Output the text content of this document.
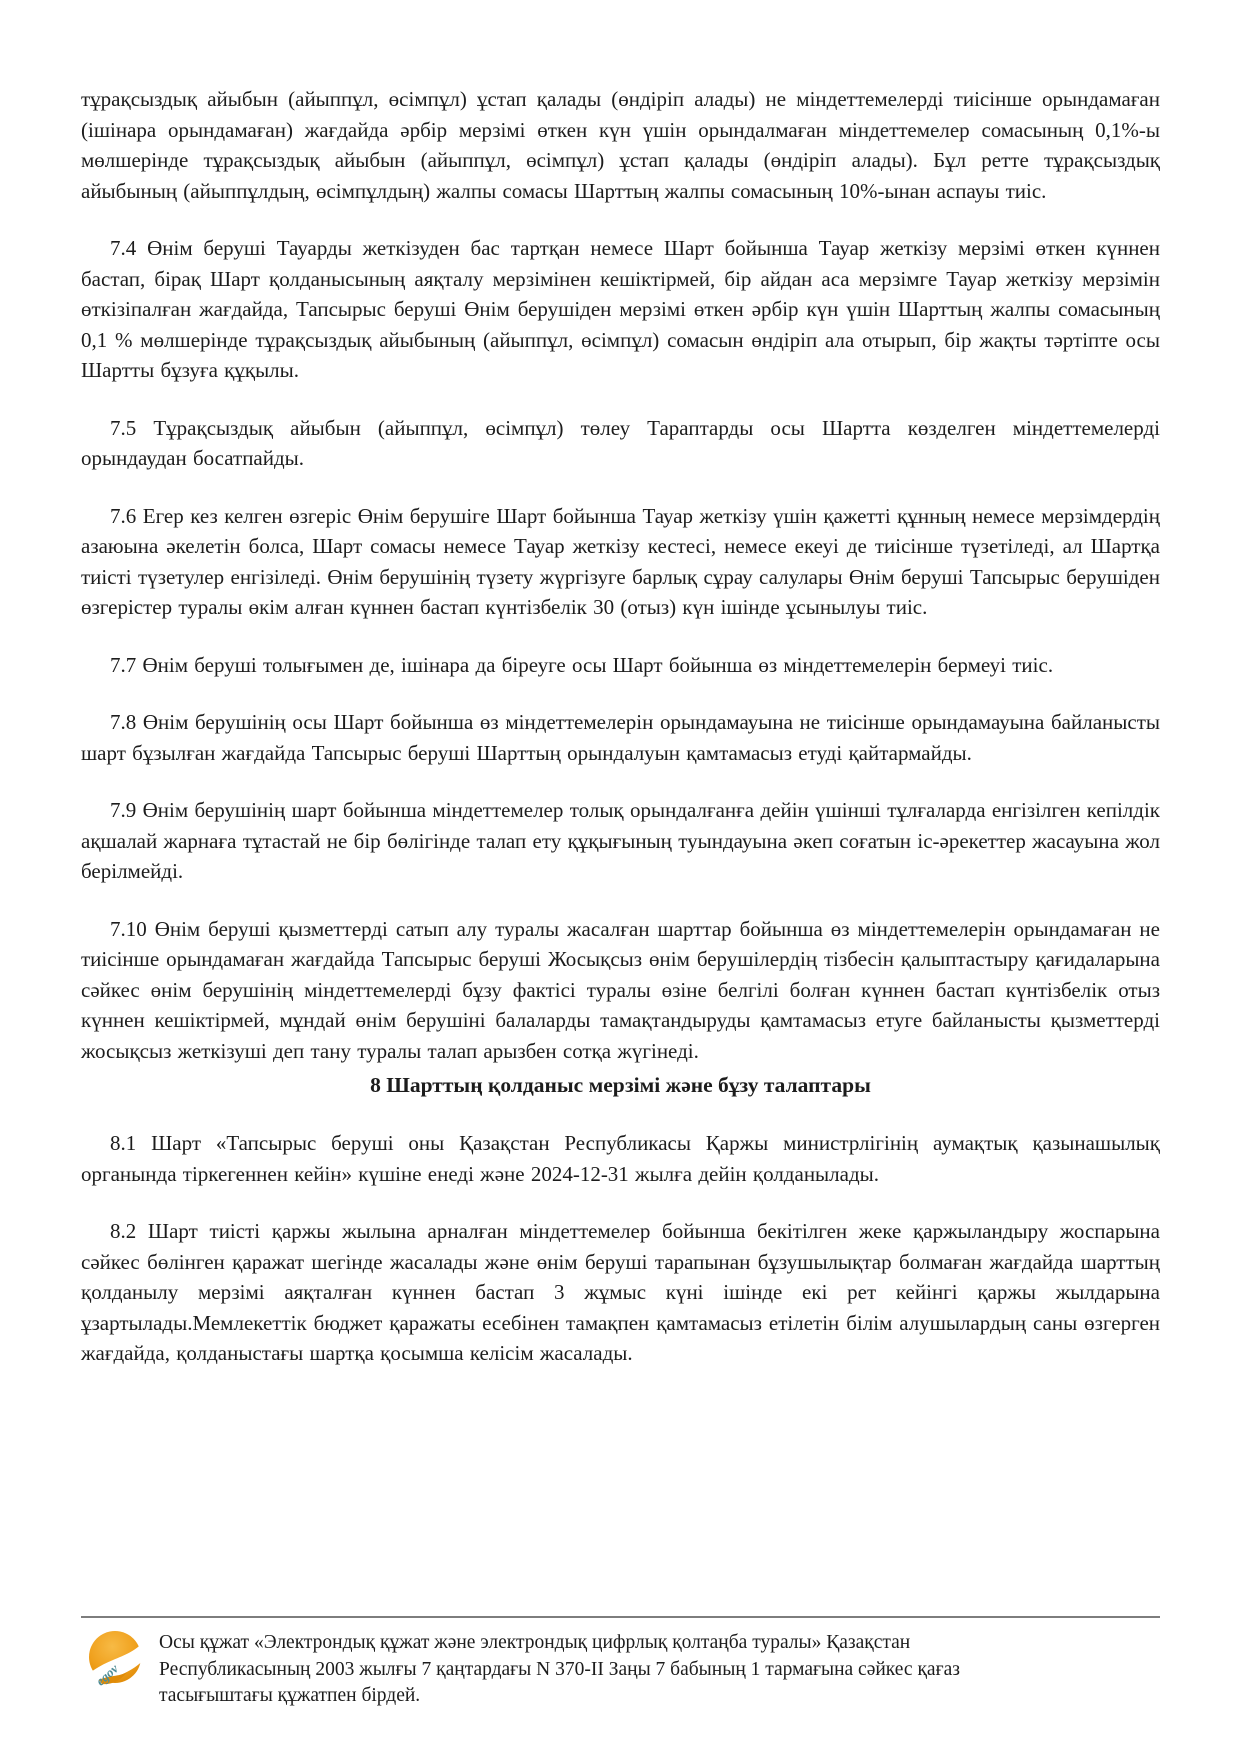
тұрақсыздық айыбын (айыппұл, өсімпұл) ұстап қалады (өндіріп алады) не міндеттемелерді тиісінше орындамаған (ішінара орындамаған) жағдайда әрбір мерзімі өткен күн үшін орындалмаған міндеттемелер сомасының 0,1%-ы мөлшерінде тұрақсыздық айыбын (айыппұл, өсімпұл) ұстап қалады (өндіріп алады). Бұл ретте тұрақсыздық айыбының (айыппұлдың, өсімпұлдың) жалпы сомасы Шарттың жалпы сомасының 10%-ынан аспауы тиіс.

7.4 Өнім беруші Тауарды жеткізуден бас тартқан немесе Шарт бойынша Тауар жеткізу мерзімі өткен күннен бастап, бірақ Шарт қолданысының аяқталу мерзімінен кешіктірмей, бір айдан аса мерзімге Тауар жеткізу мерзімін өткізіпалған жағдайда, Тапсырыс беруші Өнім берушіден мерзімі өткен әрбір күн үшін Шарттың жалпы сомасының 0,1 % мөлшерінде тұрақсыздық айыбының (айыппұл, өсімпұл) сомасын өндіріп ала отырып, бір жақты тәртіпте осы Шартты бұзуға құқылы.

7.5 Тұрақсыздық айыбын (айыппұл, өсімпұл) төлеу Тараптарды осы Шартта көзделген міндеттемелерді орындаудан босатпайды.

7.6 Егер кез келген өзгеріс Өнім берушіге Шарт бойынша Тауар жеткізу үшін қажетті құнның немесе мерзімдердің азаюына әкелетін болса, Шарт сомасы немесе Тауар жеткізу кестесі, немесе екеуі де тиісінше түзетіледі, ал Шартқа тиісті түзетулер енгізіледі. Өнім берушінің түзету жүргізуге барлық сұрау салулары Өнім беруші Тапсырыс берушіден өзгерістер туралы өкім алған күннен бастап күнтізбелік 30 (отыз) күн ішінде ұсынылуы тиіс.

7.7 Өнім беруші толығымен де, ішінара да біреуге осы Шарт бойынша өз міндеттемелерін бермеуі тиіс.

7.8 Өнім берушінің осы Шарт бойынша өз міндеттемелерін орындамауына не тиісінше орындамауына байланысты шарт бұзылған жағдайда Тапсырыс беруші Шарттың орындалуын қамтамасыз етуді қайтармайды.

7.9 Өнім берушінің шарт бойынша міндеттемелер толық орындалғанға дейін үшінші тұлғаларда енгізілген кепілдік ақшалай жарнаға тұтастай не бір бөлігінде талап ету құқығының туындауына әкеп соғатын іс-әрекеттер жасауына жол берілмейді.

7.10 Өнім беруші қызметтерді сатып алу туралы жасалған шарттар бойынша өз міндеттемелерін орындамаған не тиісінше орындамаған жағдайда Тапсырыс беруші Жосықсыз өнім берушілердің тізбесін қалыптастыру қағидаларына сәйкес өнім берушінің міндеттемелерді бұзу фактісі туралы өзіне белгілі болған күннен бастап күнтізбелік отыз күннен кешіктірмей, мұндай өнім берушіні балаларды тамақтандыруды қамтамасыз етуге байланысты қызметтерді жосықсыз жеткізуші деп тану туралы талап арызбен сотқа жүгінеді.

8 Шарттың қолданыс мерзімі және бұзу талаптары

8.1 Шарт «Тапсырыс беруші оны Қазақстан Республикасы Қаржы министрлігінің аумақтық қазынашылық органында тіркегеннен кейін» күшіне енеді және 2024-12-31 жылға дейін қолданылады.

8.2 Шарт тиісті қаржы жылына арналған міндеттемелер бойынша бекітілген жеке қаржыландыру жоспарына сәйкес бөлінген қаражат шегінде жасалады және өнім беруші тарапынан бұзушылықтар болмаған жағдайда шарттың қолданылу мерзімі аяқталған күннен бастап 3 жұмыс күні ішінде екі рет кейінгі қаржы жылдарына ұзартылады.Мемлекеттік бюджет қаражаты есебінен тамақпен қамтамасыз етілетін білім алушылардың саны өзгерген жағдайда, қолданыстағы шартқа қосымша келісім жасалады.

egov

Осы құжат «Электрондық құжат және электрондық цифрлық қолтаңба туралы» Қазақстан Республикасының 2003 жылғы 7 қаңтардағы N 370-II Заңы 7 бабының 1 тармағына сәйкес қағаз тасығыштағы құжатпен бірдей.
